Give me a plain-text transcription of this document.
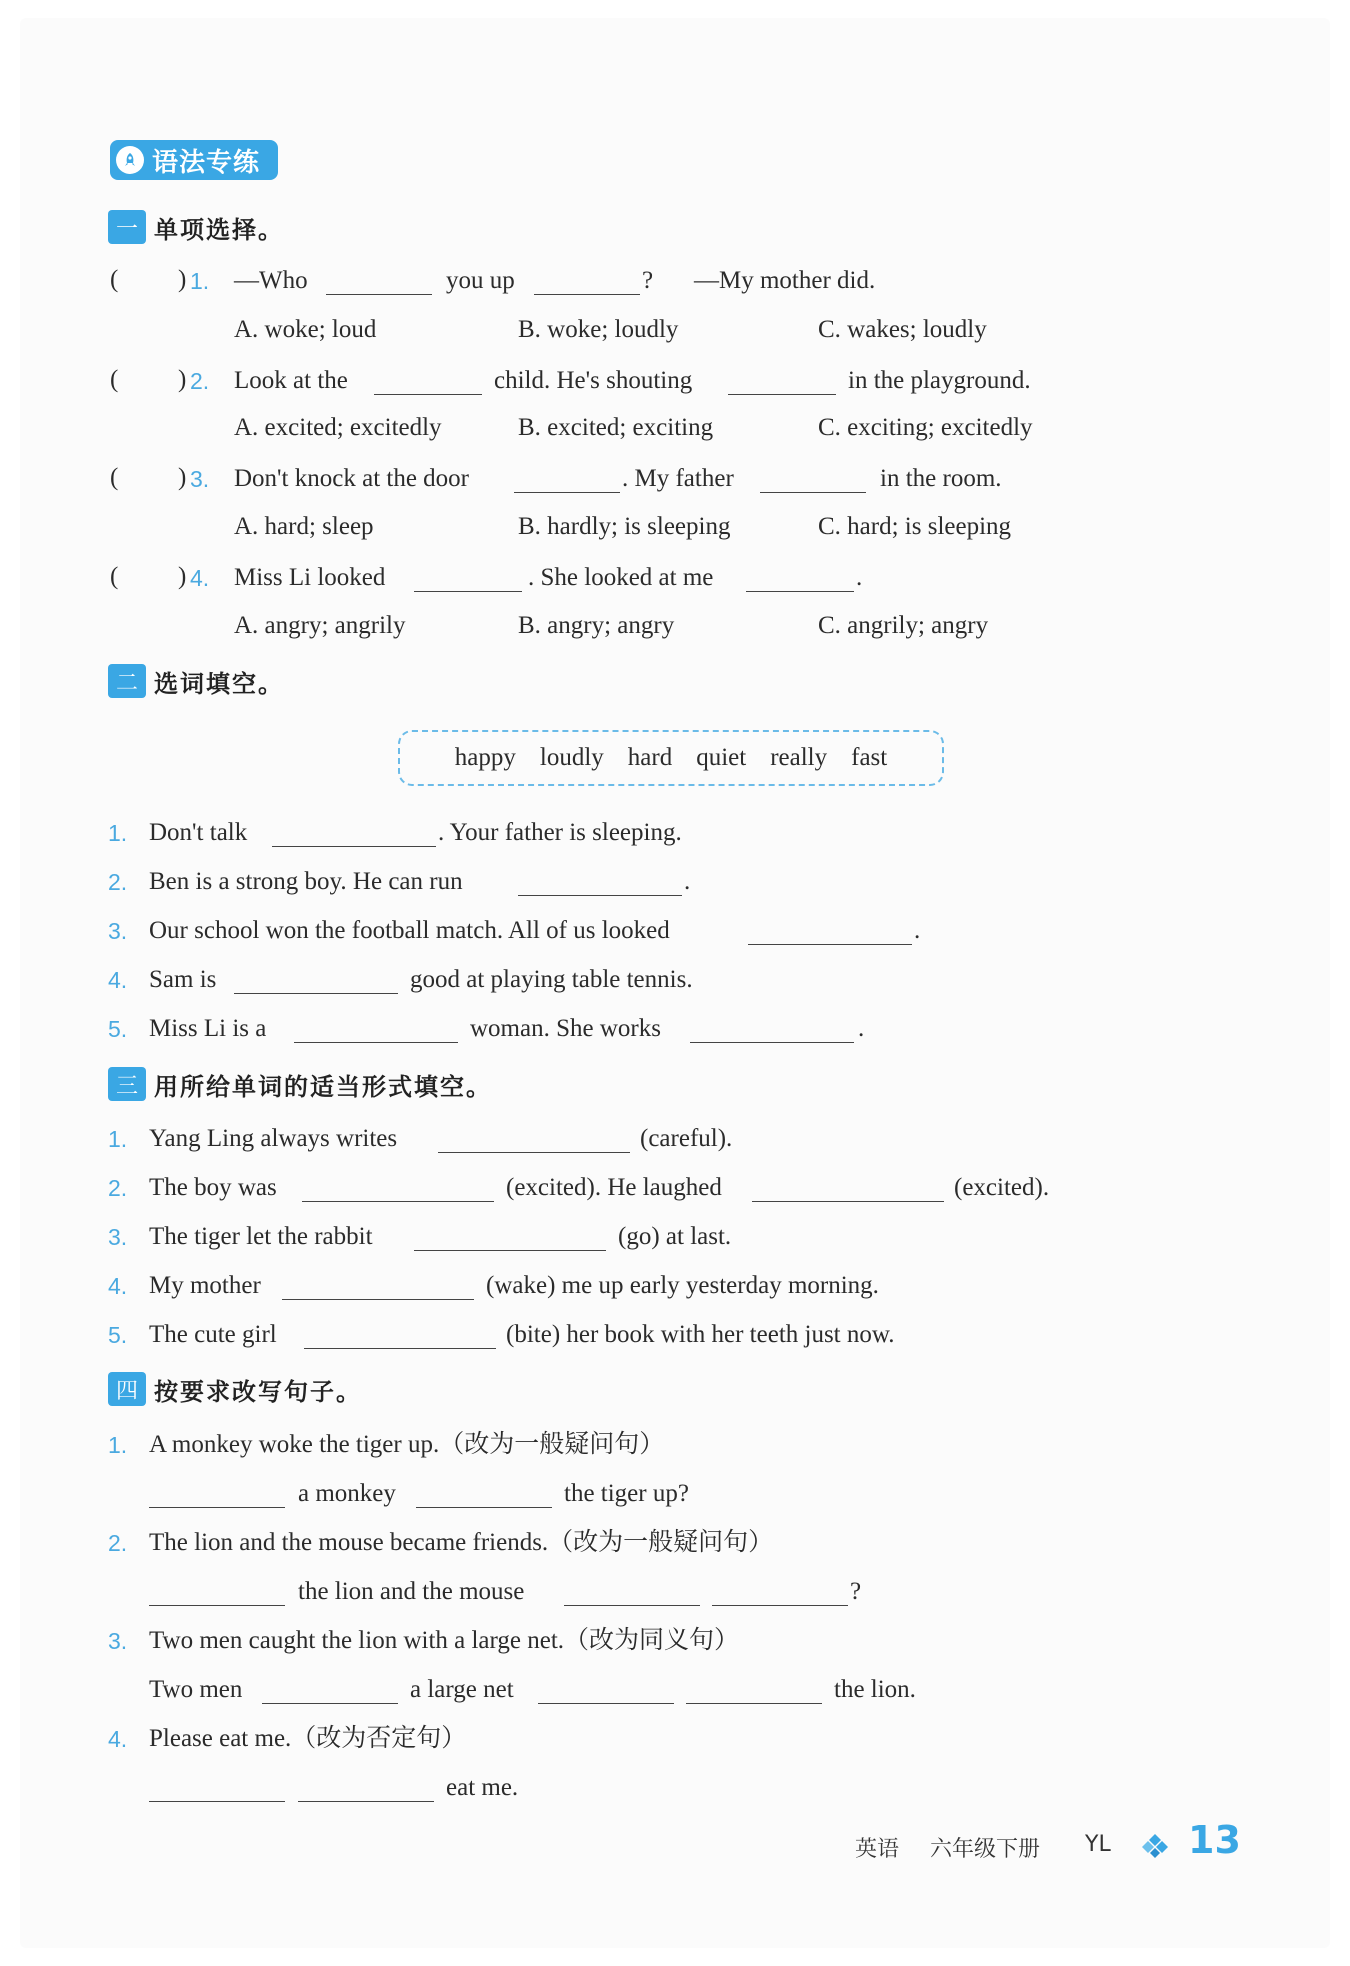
语法专练
一 单项选择。
( ) 1. —Who	you up	? —My mother did.
A. woke; loud	B. woke; loudly	C. wakes; loudly
( ) 2. Look at the	child. He's shouting	in the playground.
A. excited; excitedly	B. excited; exciting	C. exciting; excitedly
( ) 3. Don't knock at the door	. My father	in the room.
A. hard; sleep	B. hardly; is sleeping	C. hard; is sleeping
( ) 4. Miss Li looked	. She looked at me	.
A. angry; angrily	B. angry; angry	C. angrily; angry
二 选词填空。
happy loudly hard quiet really fast
1. Don't talk	. Your father is sleeping.
2. Ben is a strong boy. He can run	.
3. Our school won the football match. All of us looked	.
4. Sam is	good at playing table tennis.
5. Miss Li is a	woman. She works	.
三 用所给单词的适当形式填空。
1. Yang Ling always writes	(careful).
2. The boy was	(excited). He laughed	(excited).
3. The tiger let the rabbit	(go) at last.
4. My mother	(wake) me up early yesterday morning.
5. The cute girl	(bite) her book with her teeth just now.
四 按要求改写句子。
1. A monkey woke the tiger up.（改为一般疑问句）
a monkey	the tiger up?
2. The lion and the mouse became friends.（改为一般疑问句）
the lion and the mouse	?
3. Two men caught the lion with a large net.（改为同义句）
Two men	a large net	the lion.
4. Please eat me.（改为否定句）
eat me.
英语 六年级下册 YL 13
